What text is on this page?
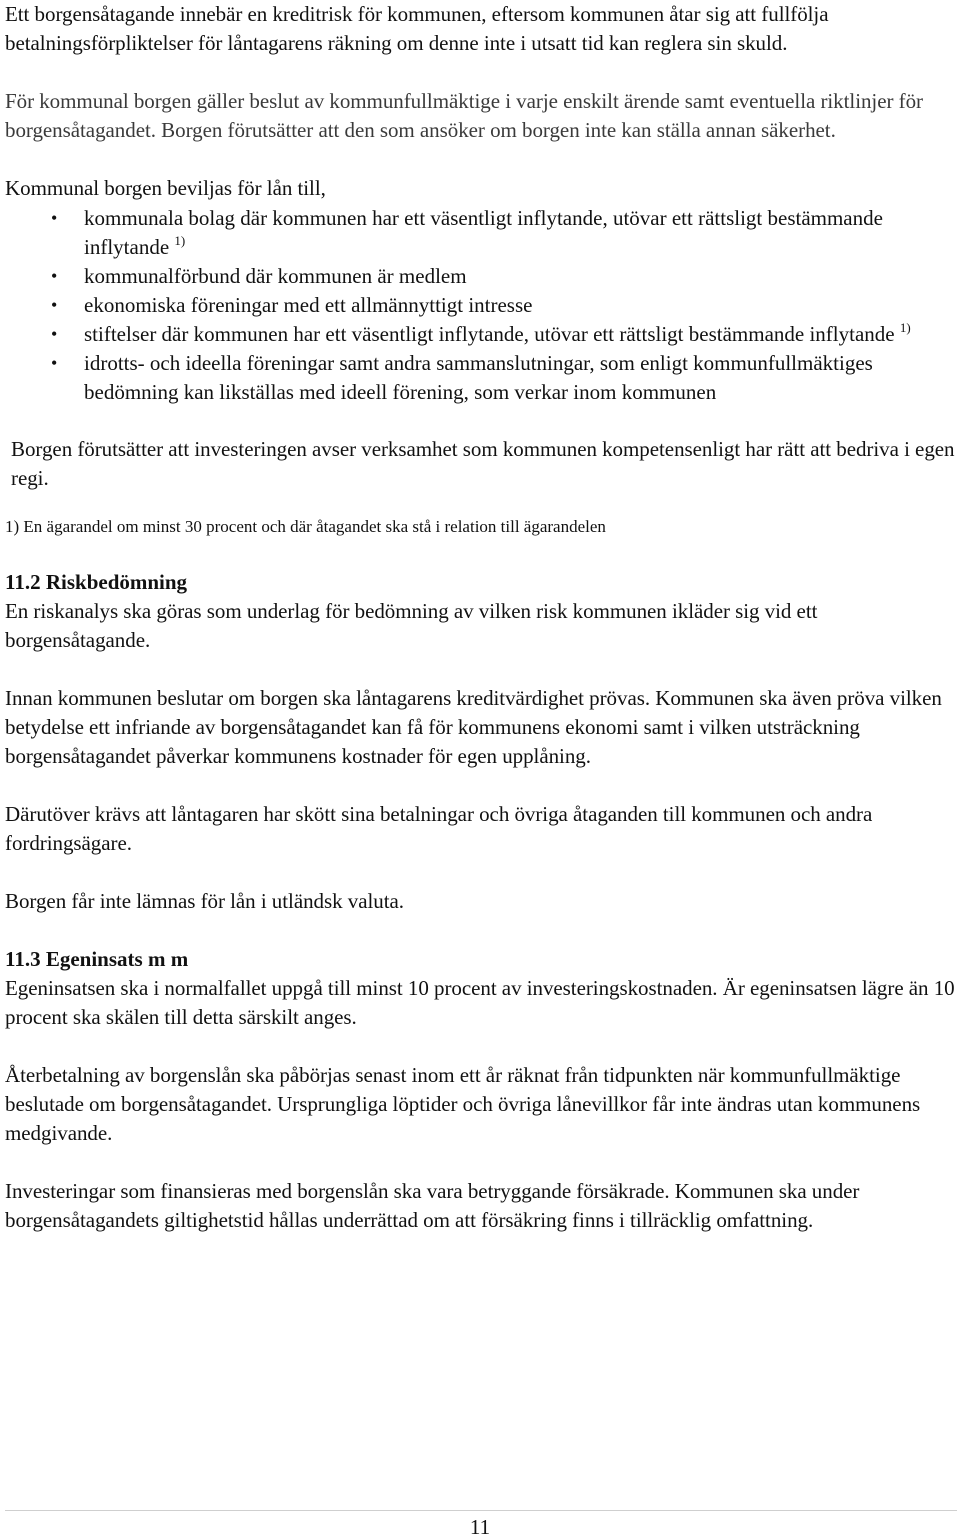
Ett borgensåtagande innebär en kreditrisk för kommunen, eftersom kommunen åtar sig att fullfölja betalningsförpliktelser för låntagarens räkning om denne inte i utsatt tid kan reglera sin skuld.

För kommunal borgen gäller beslut av kommunfullmäktige i varje enskilt ärende samt eventuella riktlinjer för borgensåtagandet. Borgen förutsätter att den som ansöker om borgen inte kan ställa annan säkerhet.

Kommunal borgen beviljas för lån till,

• kommunala bolag där kommunen har ett väsentligt inflytande, utövar ett rättsligt bestämmande inflytande $^{1)}$
• kommunalförbund där kommunen är medlem
• ekonomiska föreningar med ett allmännyttigt intresse
• stiftelser där kommunen har ett väsentligt inflytande, utövar ett rättsligt bestämmande inflytande $^{1)}$
• idrotts- och ideella föreningar samt andra sammanslutningar, som enligt kommunfullmäktiges bedömning kan likställas med ideell förening, som verkar inom kommunen

Borgen förutsätter att investeringen avser verksamhet som kommunen kompetensenligt har rätt att bedriva i egen regi.

1) En ägarandel om minst 30 procent och där åtagandet ska stå i relation till ägarandelen

11.2 Riskbedömning

En riskanalys ska göras som underlag för bedömning av vilken risk kommunen ikläder sig vid ett borgensåtagande.

Innan kommunen beslutar om borgen ska låntagarens kreditvärdighet prövas. Kommunen ska även pröva vilken betydelse ett infriande av borgensåtagandet kan få för kommunens ekonomi samt i vilken utsträckning borgensåtagandet påverkar kommunens kostnader för egen upplåning.

Därutöver krävs att låntagaren har skött sina betalningar och övriga åtaganden till kommunen och andra fordringsägare.

Borgen får inte lämnas för lån i utländsk valuta.

11.3 Egeninsats m m

Egeninsatsen ska i normalfallet uppgå till minst 10 procent av investeringskostnaden. Är egeninsatsen lägre än 10 procent ska skälen till detta särskilt anges.

Återbetalning av borgenslån ska påbörjas senast inom ett år räknat från tidpunkten när kommunfullmäktige beslutade om borgensåtagandet. Ursprungliga löptider och övriga lånevillkor får inte ändras utan kommunens medgivande.

Investeringar som finansieras med borgenslån ska vara betryggande försäkrade. Kommunen ska under borgensåtagandets giltighetstid hållas underrättad om att försäkring finns i tillräcklig omfattning.

11
